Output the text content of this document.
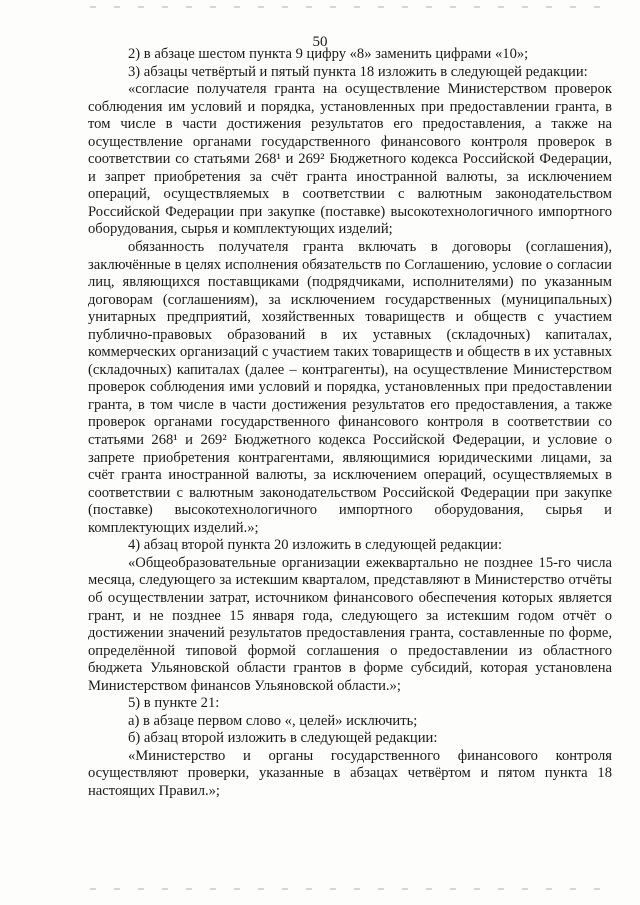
50

2) в абзаце шестом пункта 9 цифру «8» заменить цифрами «10»;

3) абзацы четвёртый и пятый пункта 18 изложить в следующей редакции:

«согласие получателя гранта на осуществление Министерством проверок соблюдения им условий и порядка, установленных при предоставлении гранта, в том числе в части достижения результатов его предоставления, а также на осуществление органами государственного финансового контроля проверок в соответствии со статьями 268¹ и 269² Бюджетного кодекса Российской Федерации, и запрет приобретения за счёт гранта иностранной валюты, за исключением операций, осуществляемых в соответствии с валютным законодательством Российской Федерации при закупке (поставке) высокотехнологичного импортного оборудования, сырья и комплектующих изделий;

обязанность получателя гранта включать в договоры (соглашения), заключённые в целях исполнения обязательств по Соглашению, условие о согласии лиц, являющихся поставщиками (подрядчиками, исполнителями) по указанным договорам (соглашениям), за исключением государственных (муниципальных) унитарных предприятий, хозяйственных товариществ и обществ с участием публично-правовых образований в их уставных (складочных) капиталах, коммерческих организаций с участием таких товариществ и обществ в их уставных (складочных) капиталах (далее – контрагенты), на осуществление Министерством проверок соблюдения ими условий и порядка, установленных при предоставлении гранта, в том числе в части достижения результатов его предоставления, а также проверок органами государственного финансового контроля в соответствии со статьями 268¹ и 269² Бюджетного кодекса Российской Федерации, и условие о запрете приобретения контрагентами, являющимися юридическими лицами, за счёт гранта иностранной валюты, за исключением операций, осуществляемых в соответствии с валютным законодательством Российской Федерации при закупке (поставке) высокотехнологичного импортного оборудования, сырья и комплектующих изделий.»;

4) абзац второй пункта 20 изложить в следующей редакции:

«Общеобразовательные организации ежеквартально не позднее 15-го числа месяца, следующего за истекшим кварталом, представляют в Министерство отчёты об осуществлении затрат, источником финансового обеспечения которых является грант, и не позднее 15 января года, следующего за истекшим годом отчёт о достижении значений результатов предоставления гранта, составленные по форме, определённой типовой формой соглашения о предоставлении из областного бюджета Ульяновской области грантов в форме субсидий, которая установлена Министерством финансов Ульяновской области.»;

5) в пункте 21:

а) в абзаце первом слово «, целей» исключить;

б) абзац второй изложить в следующей редакции:

«Министерство и органы государственного финансового контроля осуществляют проверки, указанные в абзацах четвёртом и пятом пункта 18 настоящих Правил.»;
